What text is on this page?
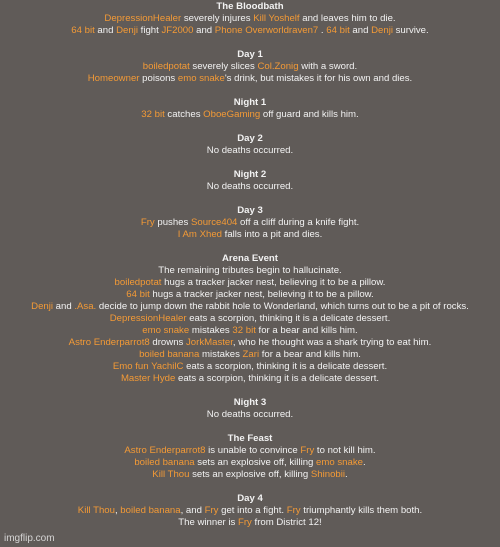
The Bloodbath
DepressionHealer severely injures Kill Yoshelf and leaves him to die.
64 bit and Denji fight JF2000 and Phone Overworldraven7 . 64 bit and Denji survive.
Day 1
boiledpotat severely slices Col.Zonig with a sword.
Homeowner poisons emo snake's drink, but mistakes it for his own and dies.
Night 1
32 bit catches OboeGaming off guard and kills him.
Day 2
No deaths occurred.
Night 2
No deaths occurred.
Day 3
Fry pushes Source404 off a cliff during a knife fight.
I Am Xhed falls into a pit and dies.
Arena Event
The remaining tributes begin to hallucinate.
boiledpotat hugs a tracker jacker nest, believing it to be a pillow.
64 bit hugs a tracker jacker nest, believing it to be a pillow.
Denji and .Asa. decide to jump down the rabbit hole to Wonderland, which turns out to be a pit of rocks.
DepressionHealer eats a scorpion, thinking it is a delicate dessert.
emo snake mistakes 32 bit for a bear and kills him.
Astro Enderparrot8 drowns JorkMaster, who he thought was a shark trying to eat him.
boiled banana mistakes Zari for a bear and kills him.
Emo fun YachilC eats a scorpion, thinking it is a delicate dessert.
Master Hyde eats a scorpion, thinking it is a delicate dessert.
Night 3
No deaths occurred.
The Feast
Astro Enderparrot8 is unable to convince Fry to not kill him.
boiled banana sets an explosive off, killing emo snake.
Kill Thou sets an explosive off, killing Shinobii.
Day 4
Kill Thou, boiled banana, and Fry get into a fight. Fry triumphantly kills them both.
The winner is Fry from District 12!
imgflip.com
